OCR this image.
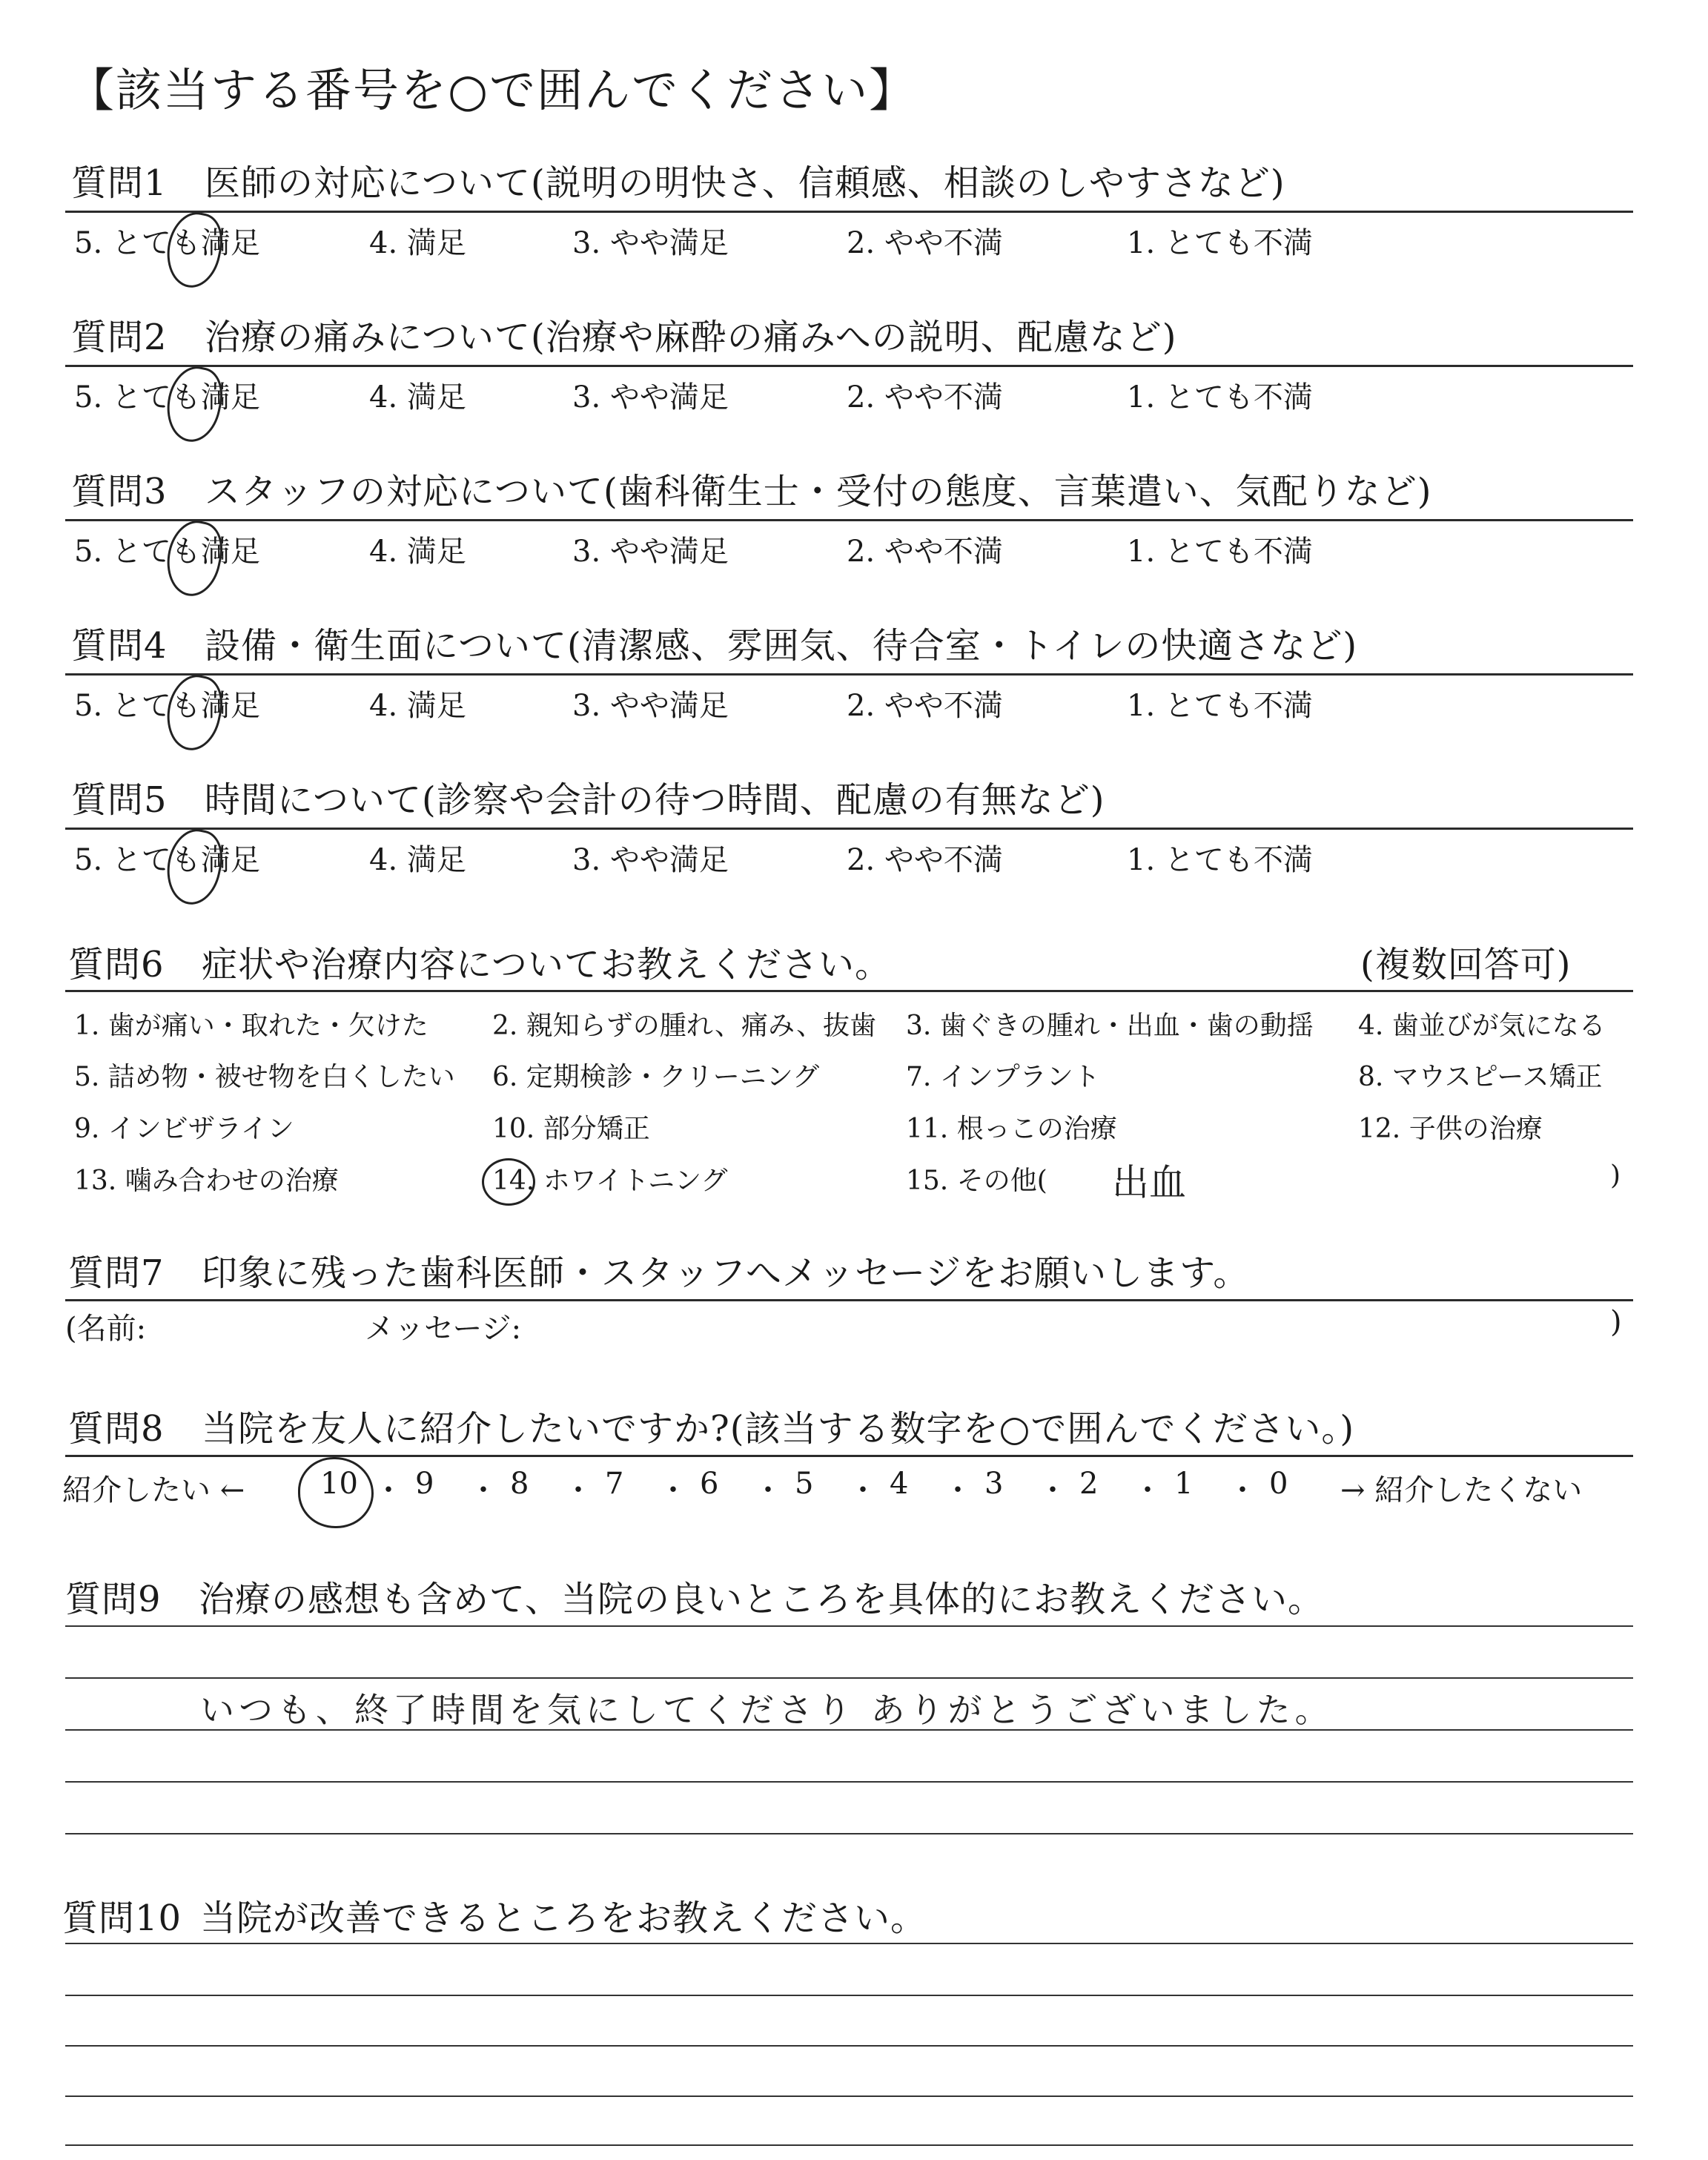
【該当する番号を○で囲んでください】
質問1 医師の対応について(説明の明快さ、信頼感、相談のしやすさなど)
5. とても満足	4. 満足	3. やや満足	2. やや不満	1. とても不満
質問2 治療の痛みについて(治療や麻酔の痛みへの説明、配慮など)
5. とても満足	4. 満足	3. やや満足	2. やや不満	1. とても不満
質問3 スタッフの対応について(歯科衛生士・受付の態度、言葉遣い、気配りなど)
5. とても満足	4. 満足	3. やや満足	2. やや不満	1. とても不満
質問4 設備・衛生面について(清潔感、雰囲気、待合室・トイレの快適さなど)
5. とても満足	4. 満足	3. やや満足	2. やや不満	1. とても不満
質問5 時間について(診察や会計の待つ時間、配慮の有無など)
5. とても満足	4. 満足	3. やや満足	2. やや不満	1. とても不満
質問6 症状や治療内容についてお教えください。	(複数回答可)
1. 歯が痛い・取れた・欠けた 2. 親知らずの腫れ、痛み、抜歯 3. 歯ぐきの腫れ・出血・歯の動揺 4. 歯並びが気になる
5. 詰め物・被せ物を白くしたい 6. 定期検診・クリーニング	7. インプラント	8. マウスピース矯正
9. インビザライン	10. 部分矯正	11. 根っこの治療	12. 子供の治療
13. 噛み合わせの治療	14. ホワイトニング	15. その他(	)
出血
質問7 印象に残った歯科医師・スタッフへメッセージをお願いします。
(名前:	メッセージ:	)
質問8 当院を友人に紹介したいですか?(該当する数字を○で囲んでください。)
紹介したい ←	→ 紹介したくない
10 ・ 9 ・ 8 ・ 7 ・ 6 ・ 5 ・ 4 ・ 3 ・ 2 ・ 1 ・ 0
質問9 治療の感想も含めて、当院の良いところを具体的にお教えください。
いつも、終了時間を気にしてくださり ありがとうございました。
質問10 当院が改善できるところをお教えください。
